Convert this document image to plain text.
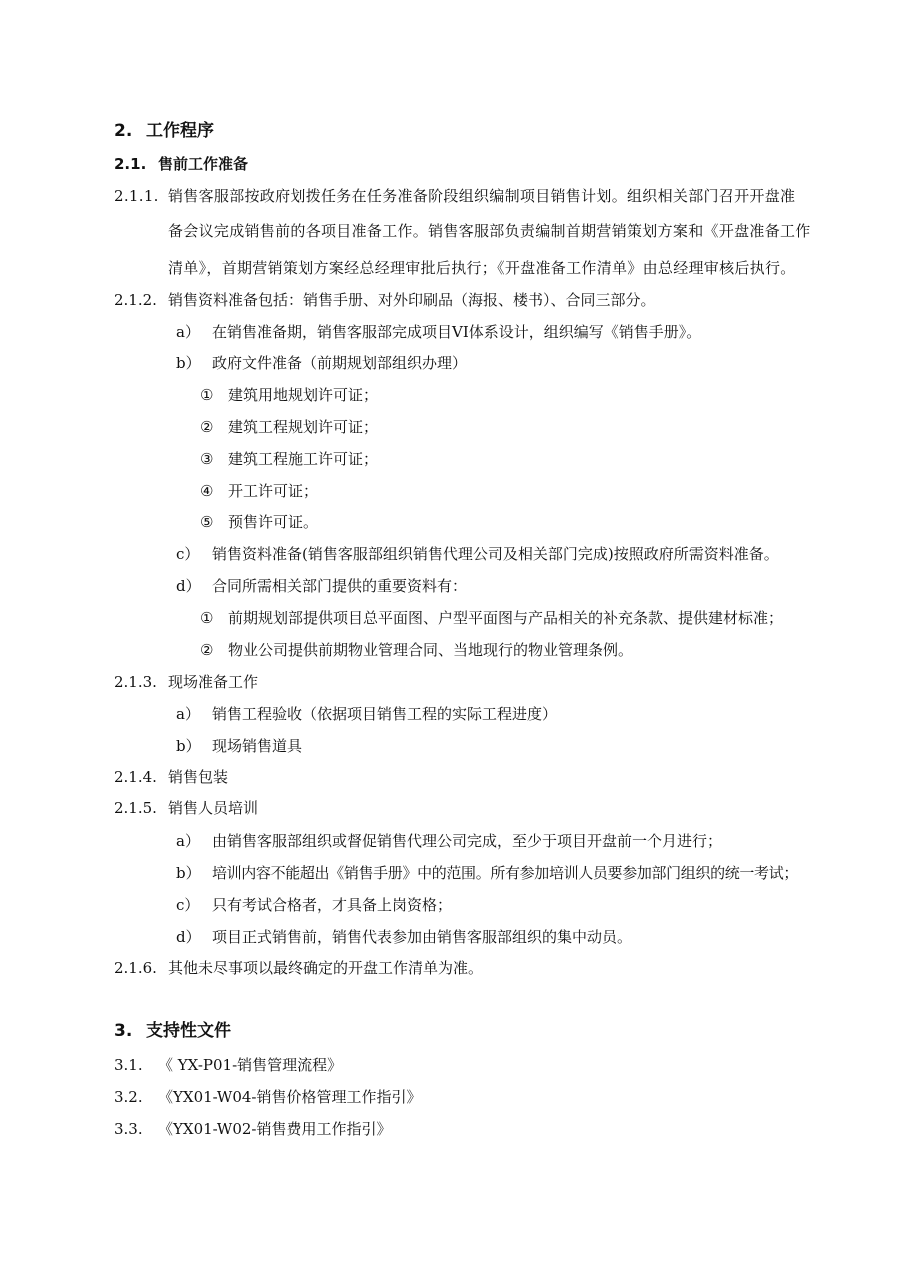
2. 工作程序
2.1. 售前工作准备
2.1.1. 销售客服部按政府划拨任务在任务准备阶段组织编制项目销售计划。组织相关部门召开开盘准
备会议完成销售前的各项目准备工作。销售客服部负责编制首期营销策划方案和《开盘准备工作
清单》，首期营销策划方案经总经理审批后执行；《开盘准备工作清单》由总经理审核后执行。
2.1.2. 销售资料准备包括：销售手册、对外印刷品（海报、楼书）、合同三部分。
a） 在销售准备期，销售客服部完成项目VI体系设计，组织编写《销售手册》。
b） 政府文件准备（前期规划部组织办理）
① 建筑用地规划许可证；
② 建筑工程规划许可证；
③ 建筑工程施工许可证；
④ 开工许可证；
⑤ 预售许可证。
c） 销售资料准备(销售客服部组织销售代理公司及相关部门完成)按照政府所需资料准备。
d） 合同所需相关部门提供的重要资料有：
① 前期规划部提供项目总平面图、户型平面图与产品相关的补充条款、提供建材标准；
② 物业公司提供前期物业管理合同、当地现行的物业管理条例。
2.1.3. 现场准备工作
a） 销售工程验收（依据项目销售工程的实际工程进度）
b） 现场销售道具
2.1.4. 销售包装
2.1.5. 销售人员培训
a） 由销售客服部组织或督促销售代理公司完成，至少于项目开盘前一个月进行；
b） 培训内容不能超出《销售手册》中的范围。所有参加培训人员要参加部门组织的统一考试；
c） 只有考试合格者，才具备上岗资格；
d） 项目正式销售前，销售代表参加由销售客服部组织的集中动员。
2.1.6. 其他未尽事项以最终确定的开盘工作清单为准。
3. 支持性文件
3.1. 《 YX-P01-销售管理流程》
3.2. 《YX01-W04-销售价格管理工作指引》
3.3. 《YX01-W02-销售费用工作指引》
